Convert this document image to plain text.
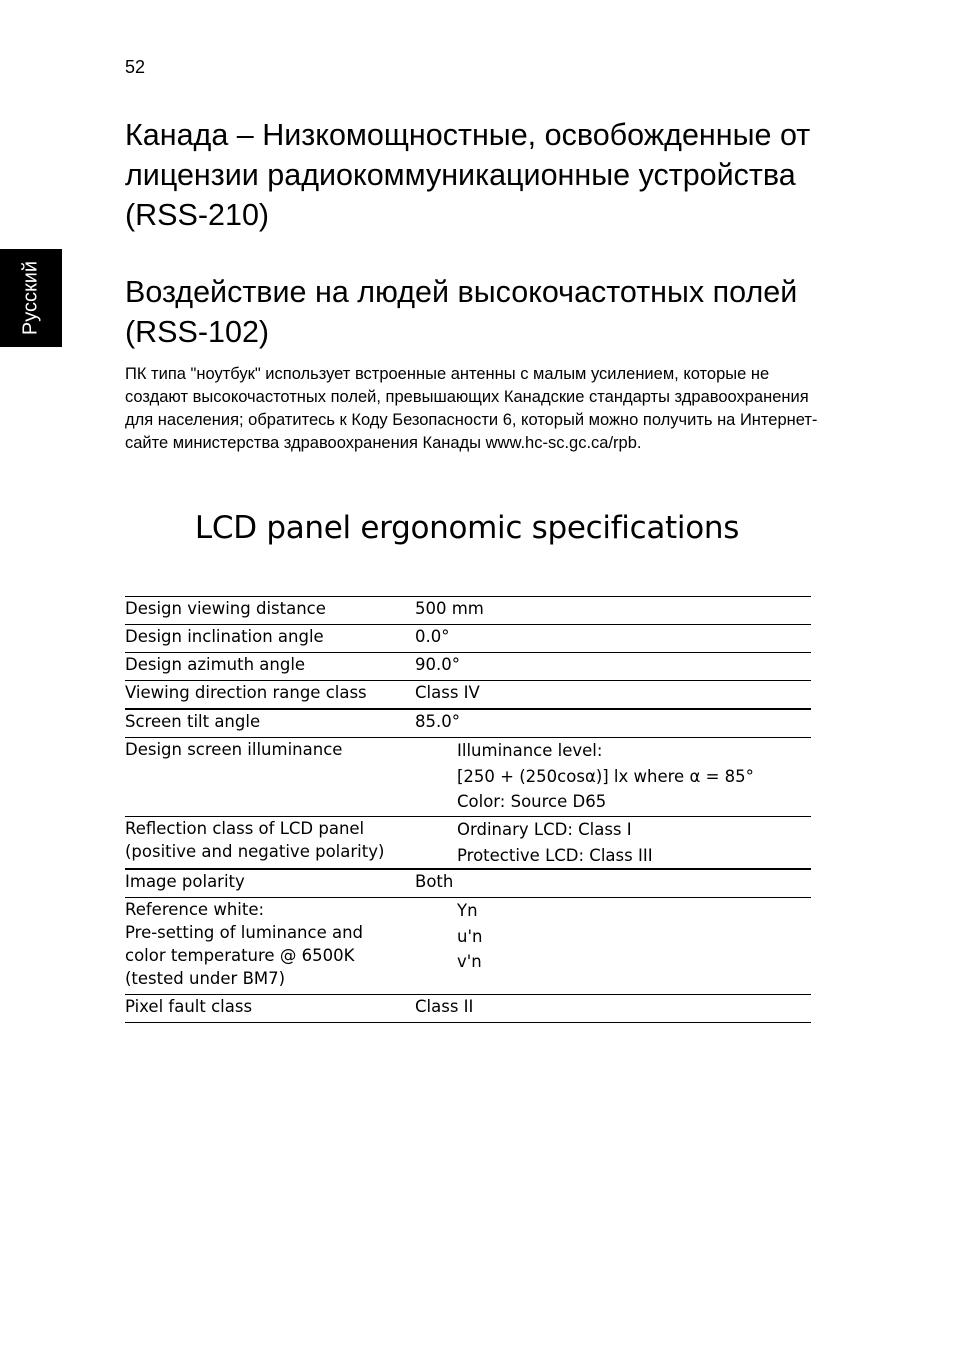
52
Русский
Канада – Низкомощностные, освобожденные от лицензии радиокоммуникационные устройства (RSS-210)
Воздействие на людей высокочастотных полей (RSS-102)

ПК типа "ноутбук" использует встроенные антенны с малым усилением, которые не создают высокочастотных полей, превышающих Канадские стандарты здравоохранения для населения; обратитесь к Коду Безопасности 6, который можно получить на Интернет-сайте министерства здравоохранения Канады www.hc-sc.gc.ca/rpb.

LCD panel ergonomic specifications
Design viewing distance	500 mm

Design inclination angle	0.0°

Design azimuth angle	90.0°

Viewing direction range class	Class IV

Screen tilt angle	85.0°

Design screen illuminance	Illuminance level:
[250 + (250cosα)] lx where α = 85°
Color: Source D65

Reflection class of LCD panel
(positive and negative polarity)	Ordinary LCD: Class I
Protective LCD: Class III

Image polarity	Both

Reference white:
Pre-setting of luminance and
color temperature @ 6500K
(tested under BM7)	Yn
u'n
v'n

Pixel fault class	Class II
